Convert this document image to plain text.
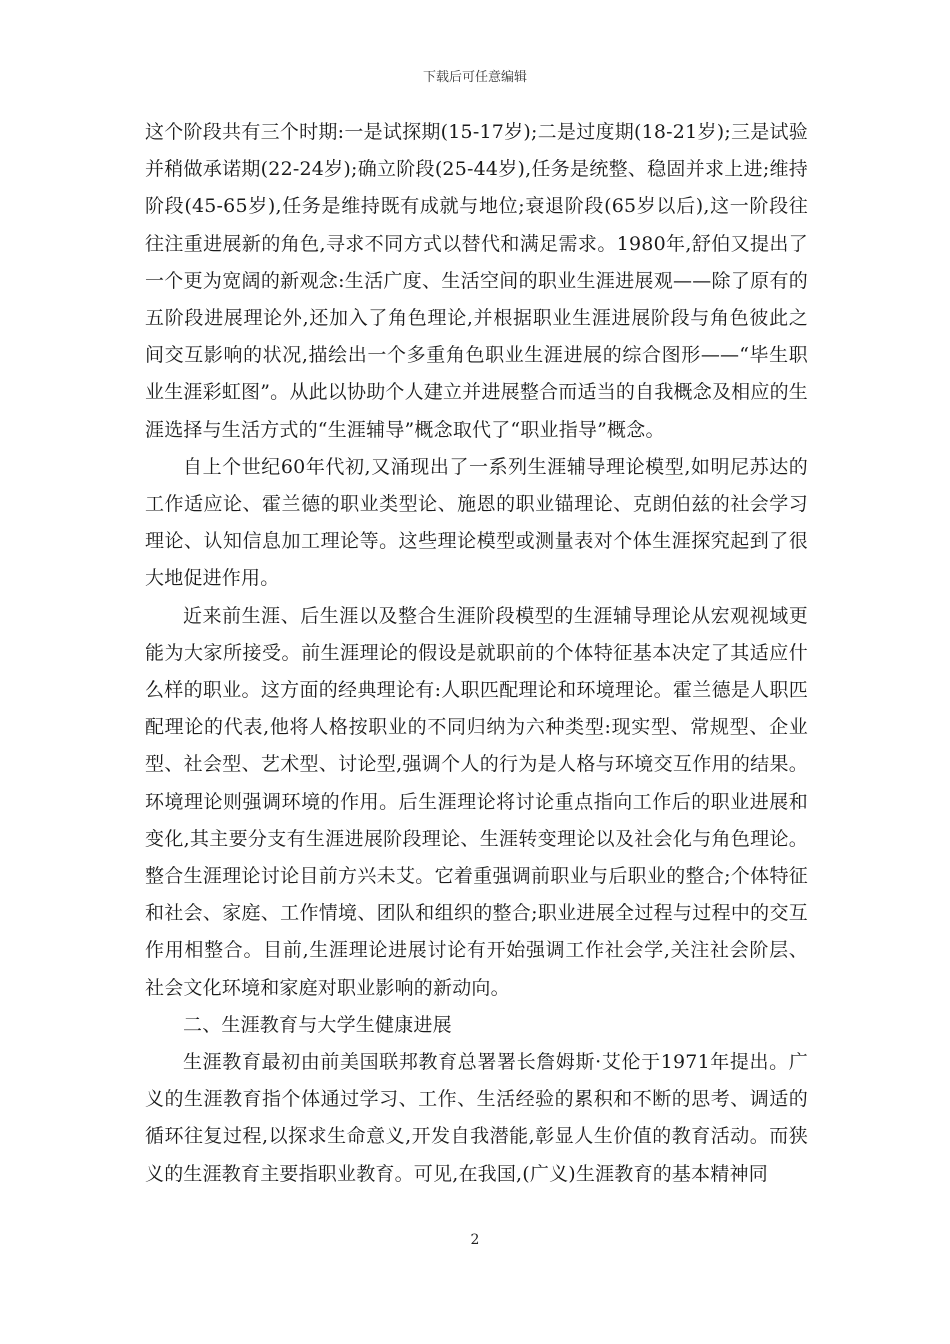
下载后可任意编辑

这个阶段共有三个时期:一是试探期(15-17岁);二是过度期(18-21岁);三是试验并稍做承诺期(22-24岁);确立阶段(25-44岁),任务是统整、稳固并求上进;维持阶段(45-65岁),任务是维持既有成就与地位;衰退阶段(65岁以后),这一阶段往往注重进展新的角色,寻求不同方式以替代和满足需求。1980年,舒伯又提出了一个更为宽阔的新观念:生活广度、生活空间的职业生涯进展观——除了原有的五阶段进展理论外,还加入了角色理论,并根据职业生涯进展阶段与角色彼此之间交互影响的状况,描绘出一个多重角色职业生涯进展的综合图形——“毕生职业生涯彩虹图”。从此以协助个人建立并进展整合而适当的自我概念及相应的生涯选择与生活方式的“生涯辅导”概念取代了“职业指导”概念。

自上个世纪60年代初,又涌现出了一系列生涯辅导理论模型,如明尼苏达的工作适应论、霍兰德的职业类型论、施恩的职业锚理论、克朗伯兹的社会学习理论、认知信息加工理论等。这些理论模型或测量表对个体生涯探究起到了很大地促进作用。

近来前生涯、后生涯以及整合生涯阶段模型的生涯辅导理论从宏观视域更能为大家所接受。前生涯理论的假设是就职前的个体特征基本决定了其适应什么样的职业。这方面的经典理论有:人职匹配理论和环境理论。霍兰德是人职匹配理论的代表,他将人格按职业的不同归纳为六种类型:现实型、常规型、企业型、社会型、艺术型、讨论型,强调个人的行为是人格与环境交互作用的结果。环境理论则强调环境的作用。后生涯理论将讨论重点指向工作后的职业进展和变化,其主要分支有生涯进展阶段理论、生涯转变理论以及社会化与角色理论。整合生涯理论讨论目前方兴未艾。它着重强调前职业与后职业的整合;个体特征和社会、家庭、工作情境、团队和组织的整合;职业进展全过程与过程中的交互作用相整合。目前,生涯理论进展讨论有开始强调工作社会学,关注社会阶层、社会文化环境和家庭对职业影响的新动向。

二、生涯教育与大学生健康进展

生涯教育最初由前美国联邦教育总署署长詹姆斯·艾伦于1971年提出。广义的生涯教育指个体通过学习、工作、生活经验的累积和不断的思考、调适的循环往复过程,以探求生命意义,开发自我潜能,彰显人生价值的教育活动。而狭义的生涯教育主要指职业教育。可见,在我国,(广义)生涯教育的基本精神同

2
